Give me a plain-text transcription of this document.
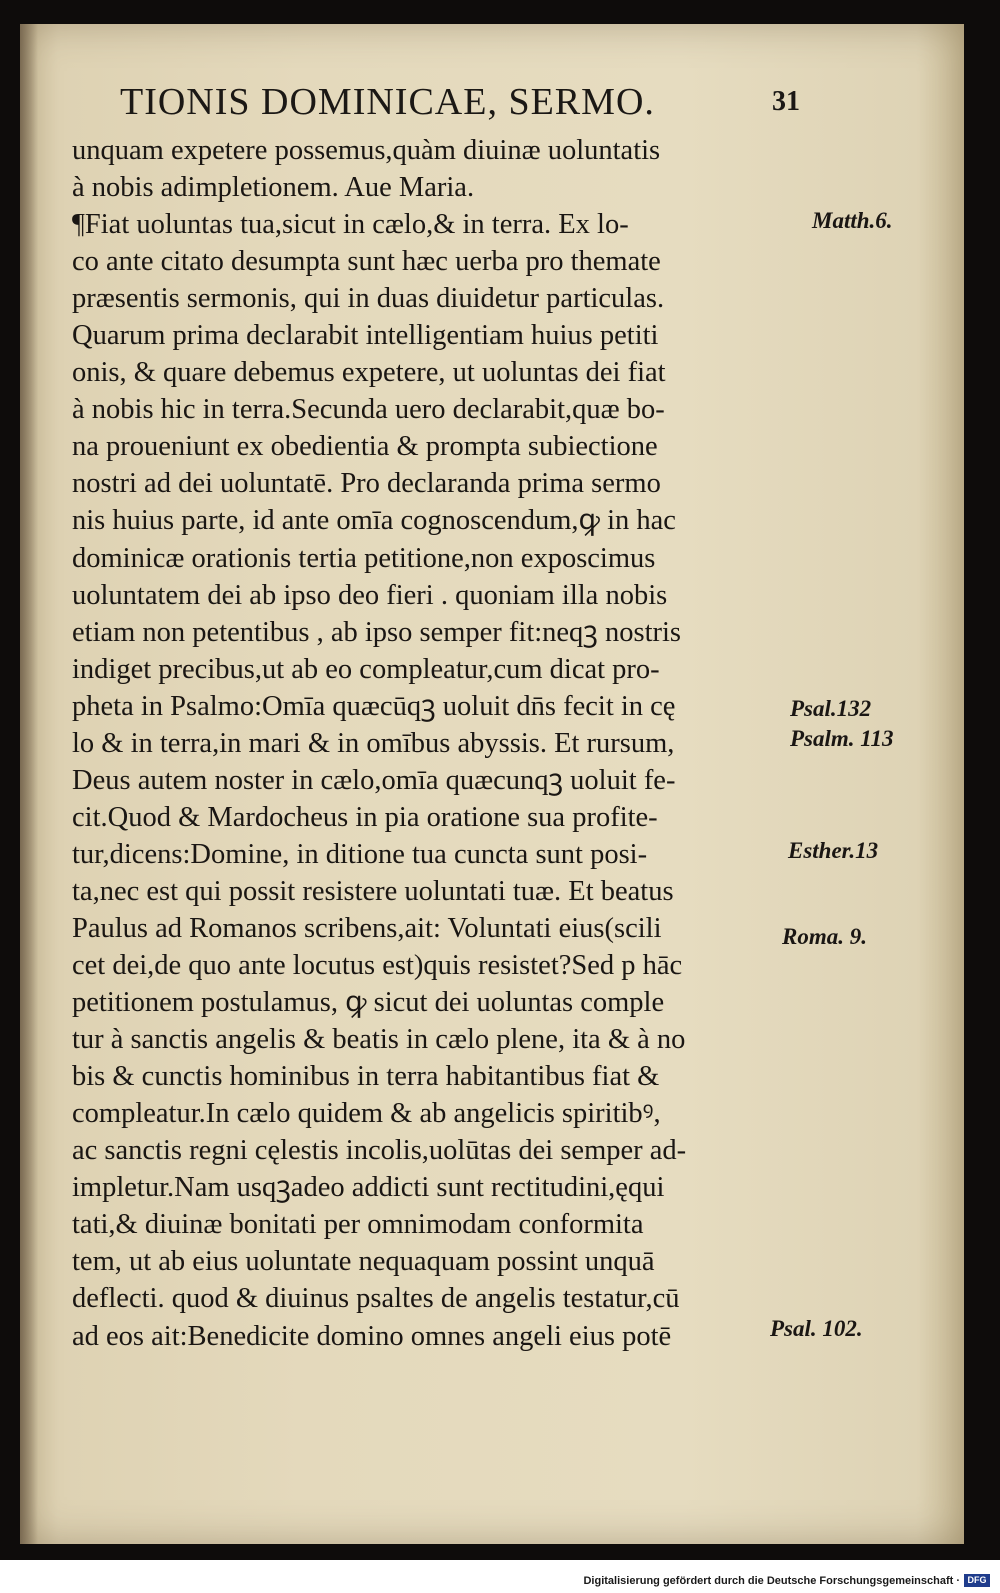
TIONIS DOMINICAE, SERMO.	31
unquam expetere possemus,quàm diuinæ uoluntatis
à nobis adimpletionem. Aue Maria.
¶Fiat uoluntas tua,sicut in cælo,& in terra. Ex lo-
co ante citato desumpta sunt hæc uerba pro themate
præsentis sermonis, qui in duas diuidetur particulas.
Quarum prima declarabit intelligentiam huius petiti
onis, & quare debemus expetere, ut uoluntas dei fiat
à nobis hic in terra.Secunda uero declarabit,quæ bo-
na proueniunt ex obedientia & prompta subiectione
nostri ad dei uoluntatē. Pro declaranda prima sermo
nis huius parte, id ante omīa cognoscendum,ꝙ in hac
dominicæ orationis tertia petitione,non exposcimus
uoluntatem dei ab ipso deo fieri . quoniam illa nobis
etiam non petentibus , ab ipso semper fit:neqꝫ nostris
indiget precibus,ut ab eo compleatur,cum dicat pro-
pheta in Psalmo:Omīa quæcūqꝫ uoluit dn̄s fecit in cę
lo & in terra,in mari & in omībus abyssis. Et rursum,
Deus autem noster in cælo,omīa quæcunqꝫ uoluit fe-
cit.Quod & Mardocheus in pia oratione sua profite-
tur,dicens:Domine, in ditione tua cuncta sunt posi-
ta,nec est qui possit resistere uoluntati tuæ. Et beatus
Paulus ad Romanos scribens,ait: Voluntati eius(scili
cet dei,de quo ante locutus est)quis resistet?Sed p hāc
petitionem postulamus, ꝙ sicut dei uoluntas comple
tur à sanctis angelis & beatis in cælo plene, ita & à no
bis & cunctis hominibus in terra habitantibus fiat &
compleatur.In cælo quidem & ab angelicis spiritibꝰ,
ac sanctis regni cęlestis incolis,uolūtas dei semper ad-
impletur.Nam usqꝫadeo addicti sunt rectitudini,ęqui
tati,& diuinæ bonitati per omnimodam conformita
tem, ut ab eius uoluntate nequaquam possint unquā
deflecti. quod & diuinus psaltes de angelis testatur,cū
ad eos ait:Benedicite domino omnes angeli eius potē
Matth.6.
Psal.132
Psalm. 113
Esther.13
Roma. 9.
Psal. 102.
Digitalisierung gefördert durch die Deutsche Forschungsgemeinschaft · DFG
